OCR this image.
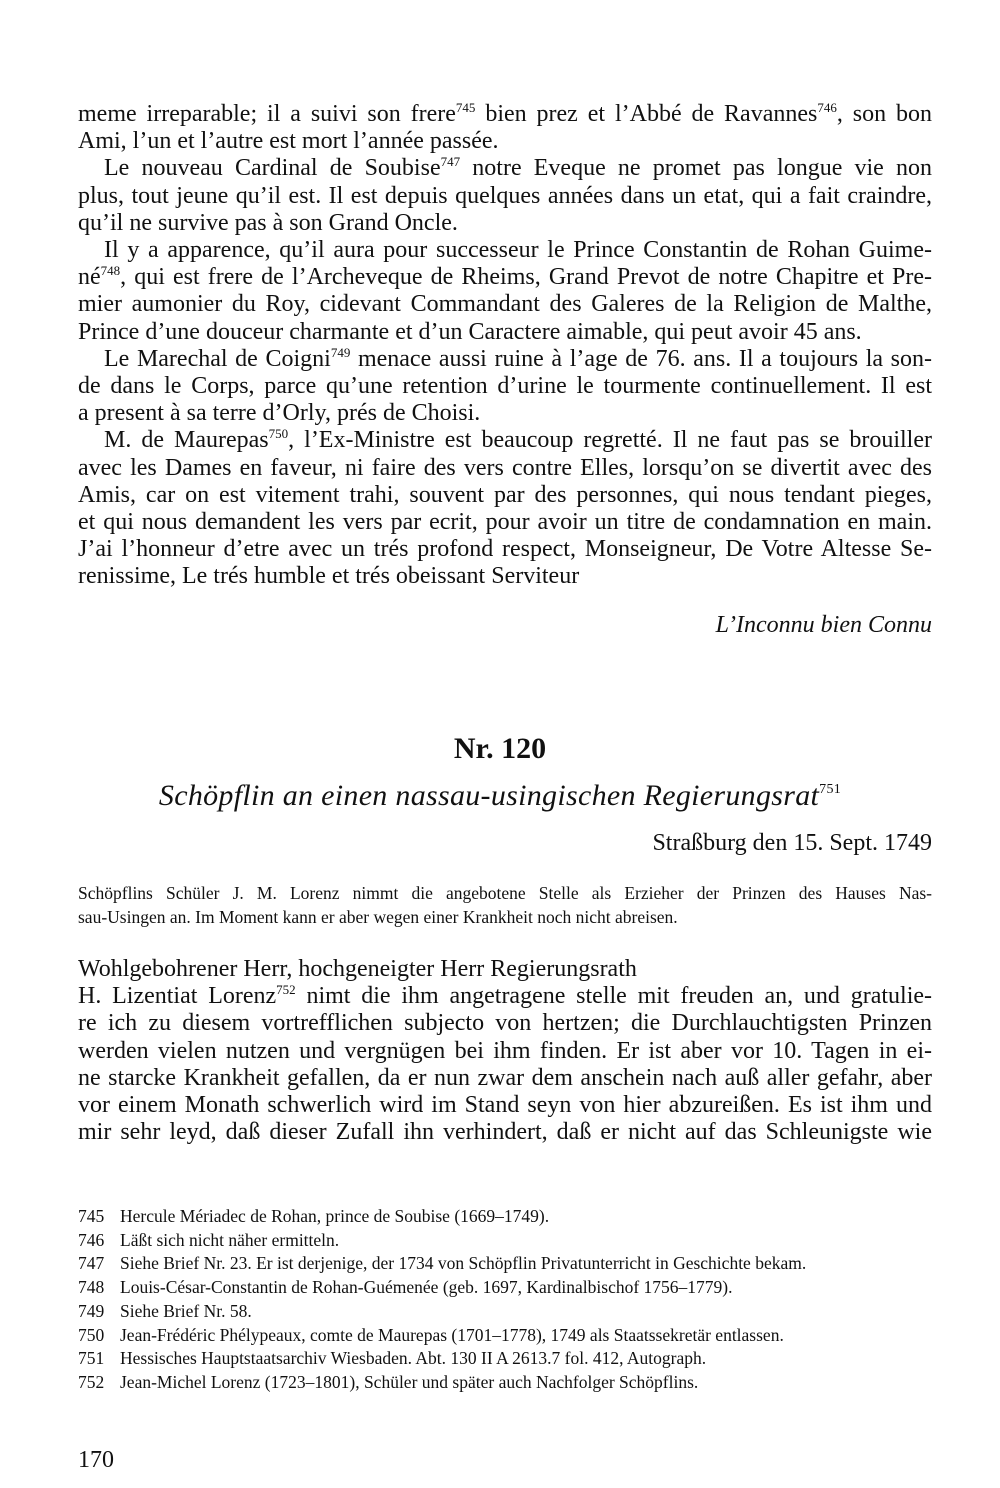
meme irreparable; il a suivi son frere$^{745}$ bien prez et l’Abbé de Ravannes$^{746}$, son bon
Ami, l’un et l’autre est mort l’année passée.
Le nouveau Cardinal de Soubise$^{747}$ notre Eveque ne promet pas longue vie non
plus, tout jeune qu’il est. Il est depuis quelques années dans un etat, qui a fait craindre,
qu’il ne survive pas à son Grand Oncle.
Il y a apparence, qu’il aura pour successeur le Prince Constantin de Rohan Guime-
$né^{748}$, qui est frere de l’Archeveque de Rheims, Grand Prevot de notre Chapitre et Pre-
mier aumonier du Roy, cidevant Commandant des Galeres de la Religion de Malthe,
Prince d’une douceur charmante et d’un Caractere aimable, qui peut avoir 45 ans.
Le Marechal de Coigni$^{749}$ menace aussi ruine à l’age de 76. ans. Il a toujours la son-
de dans le Corps, parce qu’une retention d’urine le tourmente continuellement. Il est
a present à sa terre d’Orly, prés de Choisi.
M. de Maurepas$^{750}$, l’Ex-Ministre est beaucoup regretté. Il ne faut pas se brouiller
avec les Dames en faveur, ni faire des vers contre Elles, lorsqu’on se divertit avec des
Amis, car on est vitement trahi, souvent par des personnes, qui nous tendant pieges,
et qui nous demandent les vers par ecrit, pour avoir un titre de condamnation en main.
J’ai l’honneur d’etre avec un trés profond respect, Monseigneur, De Votre Altesse Se-
renissime, Le trés humble et trés obeissant Serviteur
L’Inconnu bien Connu
Nr. 120
Schöpflin an einen nassau-usingischen Regierungsrat$^{751}$
Straßburg den 15. Sept. 1749
Schöpflins Schüler J. M. Lorenz nimmt die angebotene Stelle als Erzieher der Prinzen des Hauses Nas-
sau-Usingen an. Im Moment kann er aber wegen einer Krankheit noch nicht abreisen.
Wohlgebohrener Herr, hochgeneigter Herr Regierungsrath
H. Lizentiat Lorenz$^{752}$ nimt die ihm angetragene stelle mit freuden an, und gratulie-
re ich zu diesem vortrefflichen subjecto von hertzen; die Durchlauchtigsten Prinzen
werden vielen nutzen und vergnügen bei ihm finden. Er ist aber vor 10. Tagen in ei-
ne starcke Krankheit gefallen, da er nun zwar dem anschein nach auß aller gefahr, aber
vor einem Monath schwerlich wird im Stand seyn von hier abzureißen. Es ist ihm und
mir sehr leyd, daß dieser Zufall ihn verhindert, daß er nicht auf das Schleunigste wie
745 Hercule Mériadec de Rohan, prince de Soubise (1669–1749).
746 Läßt sich nicht näher ermitteln.
747 Siehe Brief Nr. 23. Er ist derjenige, der 1734 von Schöpflin Privatunterricht in Geschichte bekam.
748 Louis-César-Constantin de Rohan-Guémenée (geb. 1697, Kardinalbischof 1756–1779).
749 Siehe Brief Nr. 58.
750 Jean-Frédéric Phélypeaux, comte de Maurepas (1701–1778), 1749 als Staatssekretär entlassen.
751 Hessisches Hauptstaatsarchiv Wiesbaden. Abt. 130 II A 2613.7 fol. 412, Autograph.
752 Jean-Michel Lorenz (1723–1801), Schüler und später auch Nachfolger Schöpflins.
170
